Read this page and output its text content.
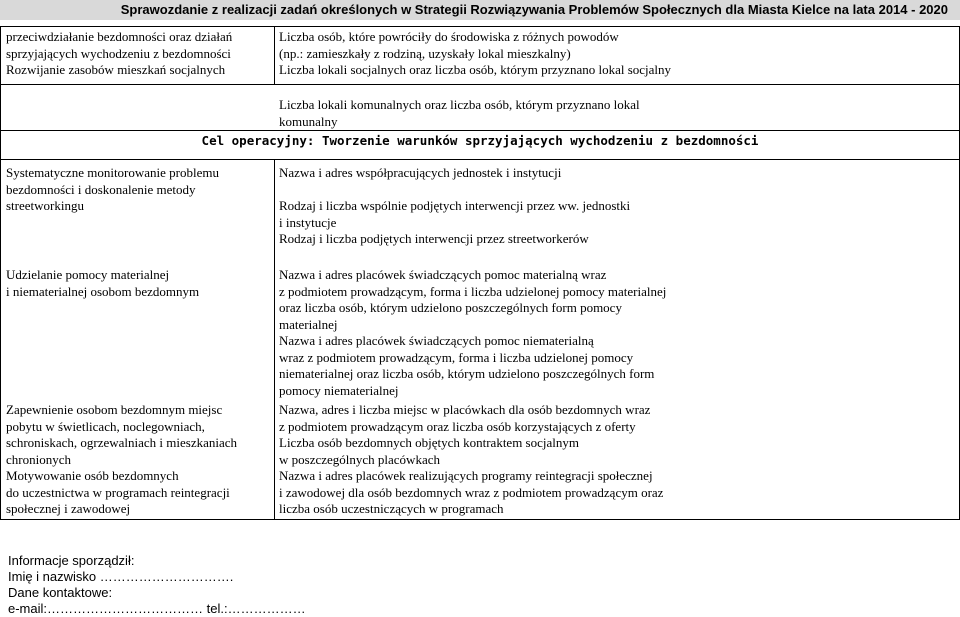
Sprawozdanie z realizacji zadań określonych w Strategii Rozwiązywania Problemów Społecznych dla Miasta Kielce na lata 2014 - 2020

przeciwdziałanie bezdomności oraz działań

sprzyjających wychodzeniu z bezdomności

Rozwijanie zasobów mieszkań socjalnych

Liczba osób, które powróciły do środowiska z różnych powodów

(np.: zamieszkały z rodziną, uzyskały lokal mieszkalny)

Liczba lokali socjalnych oraz liczba osób, którym przyznano lokal socjalny

Liczba lokali komunalnych oraz liczba osób, którym przyznano lokal

komunalny

Cel operacyjny: Tworzenie warunków sprzyjających wychodzeniu z bezdomności

Systematyczne monitorowanie problemu

bezdomności i doskonalenie metody

streetworkingu

Nazwa i adres współpracujących jednostek i instytucji

Rodzaj i liczba wspólnie podjętych interwencji przez ww. jednostki

i instytucje

Rodzaj i liczba podjętych interwencji przez streetworkerów

Udzielanie pomocy materialnej

i niematerialnej osobom bezdomnym

Nazwa i adres placówek świadczących pomoc materialną wraz

z podmiotem prowadzącym, forma i liczba udzielonej pomocy materialnej

oraz liczba osób, którym udzielono poszczególnych form pomocy

materialnej

Nazwa i adres placówek świadczących pomoc niematerialną

wraz z podmiotem prowadzącym, forma i liczba udzielonej pomocy

niematerialnej oraz liczba osób, którym udzielono poszczególnych form

pomocy niematerialnej

Zapewnienie osobom bezdomnym miejsc

pobytu w świetlicach, noclegowniach,

schroniskach, ogrzewalniach i mieszkaniach

chronionych

Nazwa, adres i liczba miejsc w placówkach dla osób bezdomnych wraz

z podmiotem prowadzącym oraz liczba osób korzystających z oferty

Liczba osób bezdomnych objętych kontraktem socjalnym

w poszczególnych placówkach

Motywowanie osób bezdomnych

do uczestnictwa w programach reintegracji

społecznej i zawodowej

Nazwa i adres placówek realizujących programy reintegracji społecznej

i zawodowej dla osób bezdomnych wraz z podmiotem prowadzącym oraz

liczba osób uczestniczących w programach

Informacje sporządził:

Imię i nazwisko ………………………….

Dane kontaktowe:

e-mail:……………………………… tel.:………………
